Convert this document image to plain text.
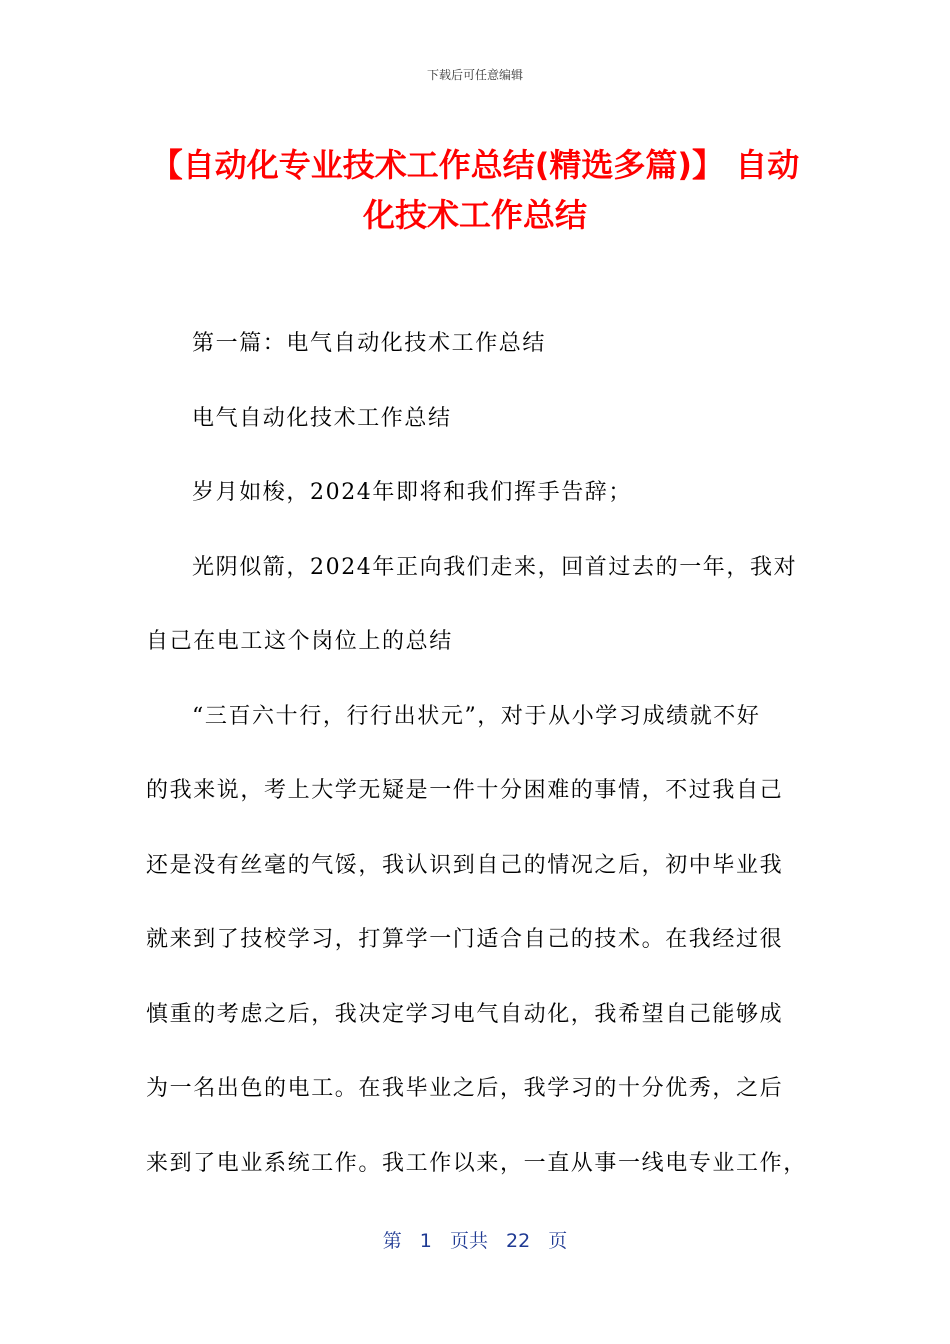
下载后可任意编辑
【自动化专业技术工作总结(精选多篇)】 自动化技术工作总结
第一篇：电气自动化技术工作总结
电气自动化技术工作总结
岁月如梭，2024年即将和我们挥手告辞；
光阴似箭，2024年正向我们走来，回首过去的一年，我对
自己在电工这个岗位上的总结
“三百六十行，行行出状元”，对于从小学习成绩就不好
的我来说，考上大学无疑是一件十分困难的事情，不过我自己
还是没有丝毫的气馁，我认识到自己的情况之后，初中毕业我
就来到了技校学习，打算学一门适合自己的技术。在我经过很
慎重的考虑之后，我决定学习电气自动化，我希望自己能够成
为一名出色的电工。在我毕业之后，我学习的十分优秀，之后
来到了电业系统工作。我工作以来，一直从事一线电专业工作，
第 1 页共 22 页
